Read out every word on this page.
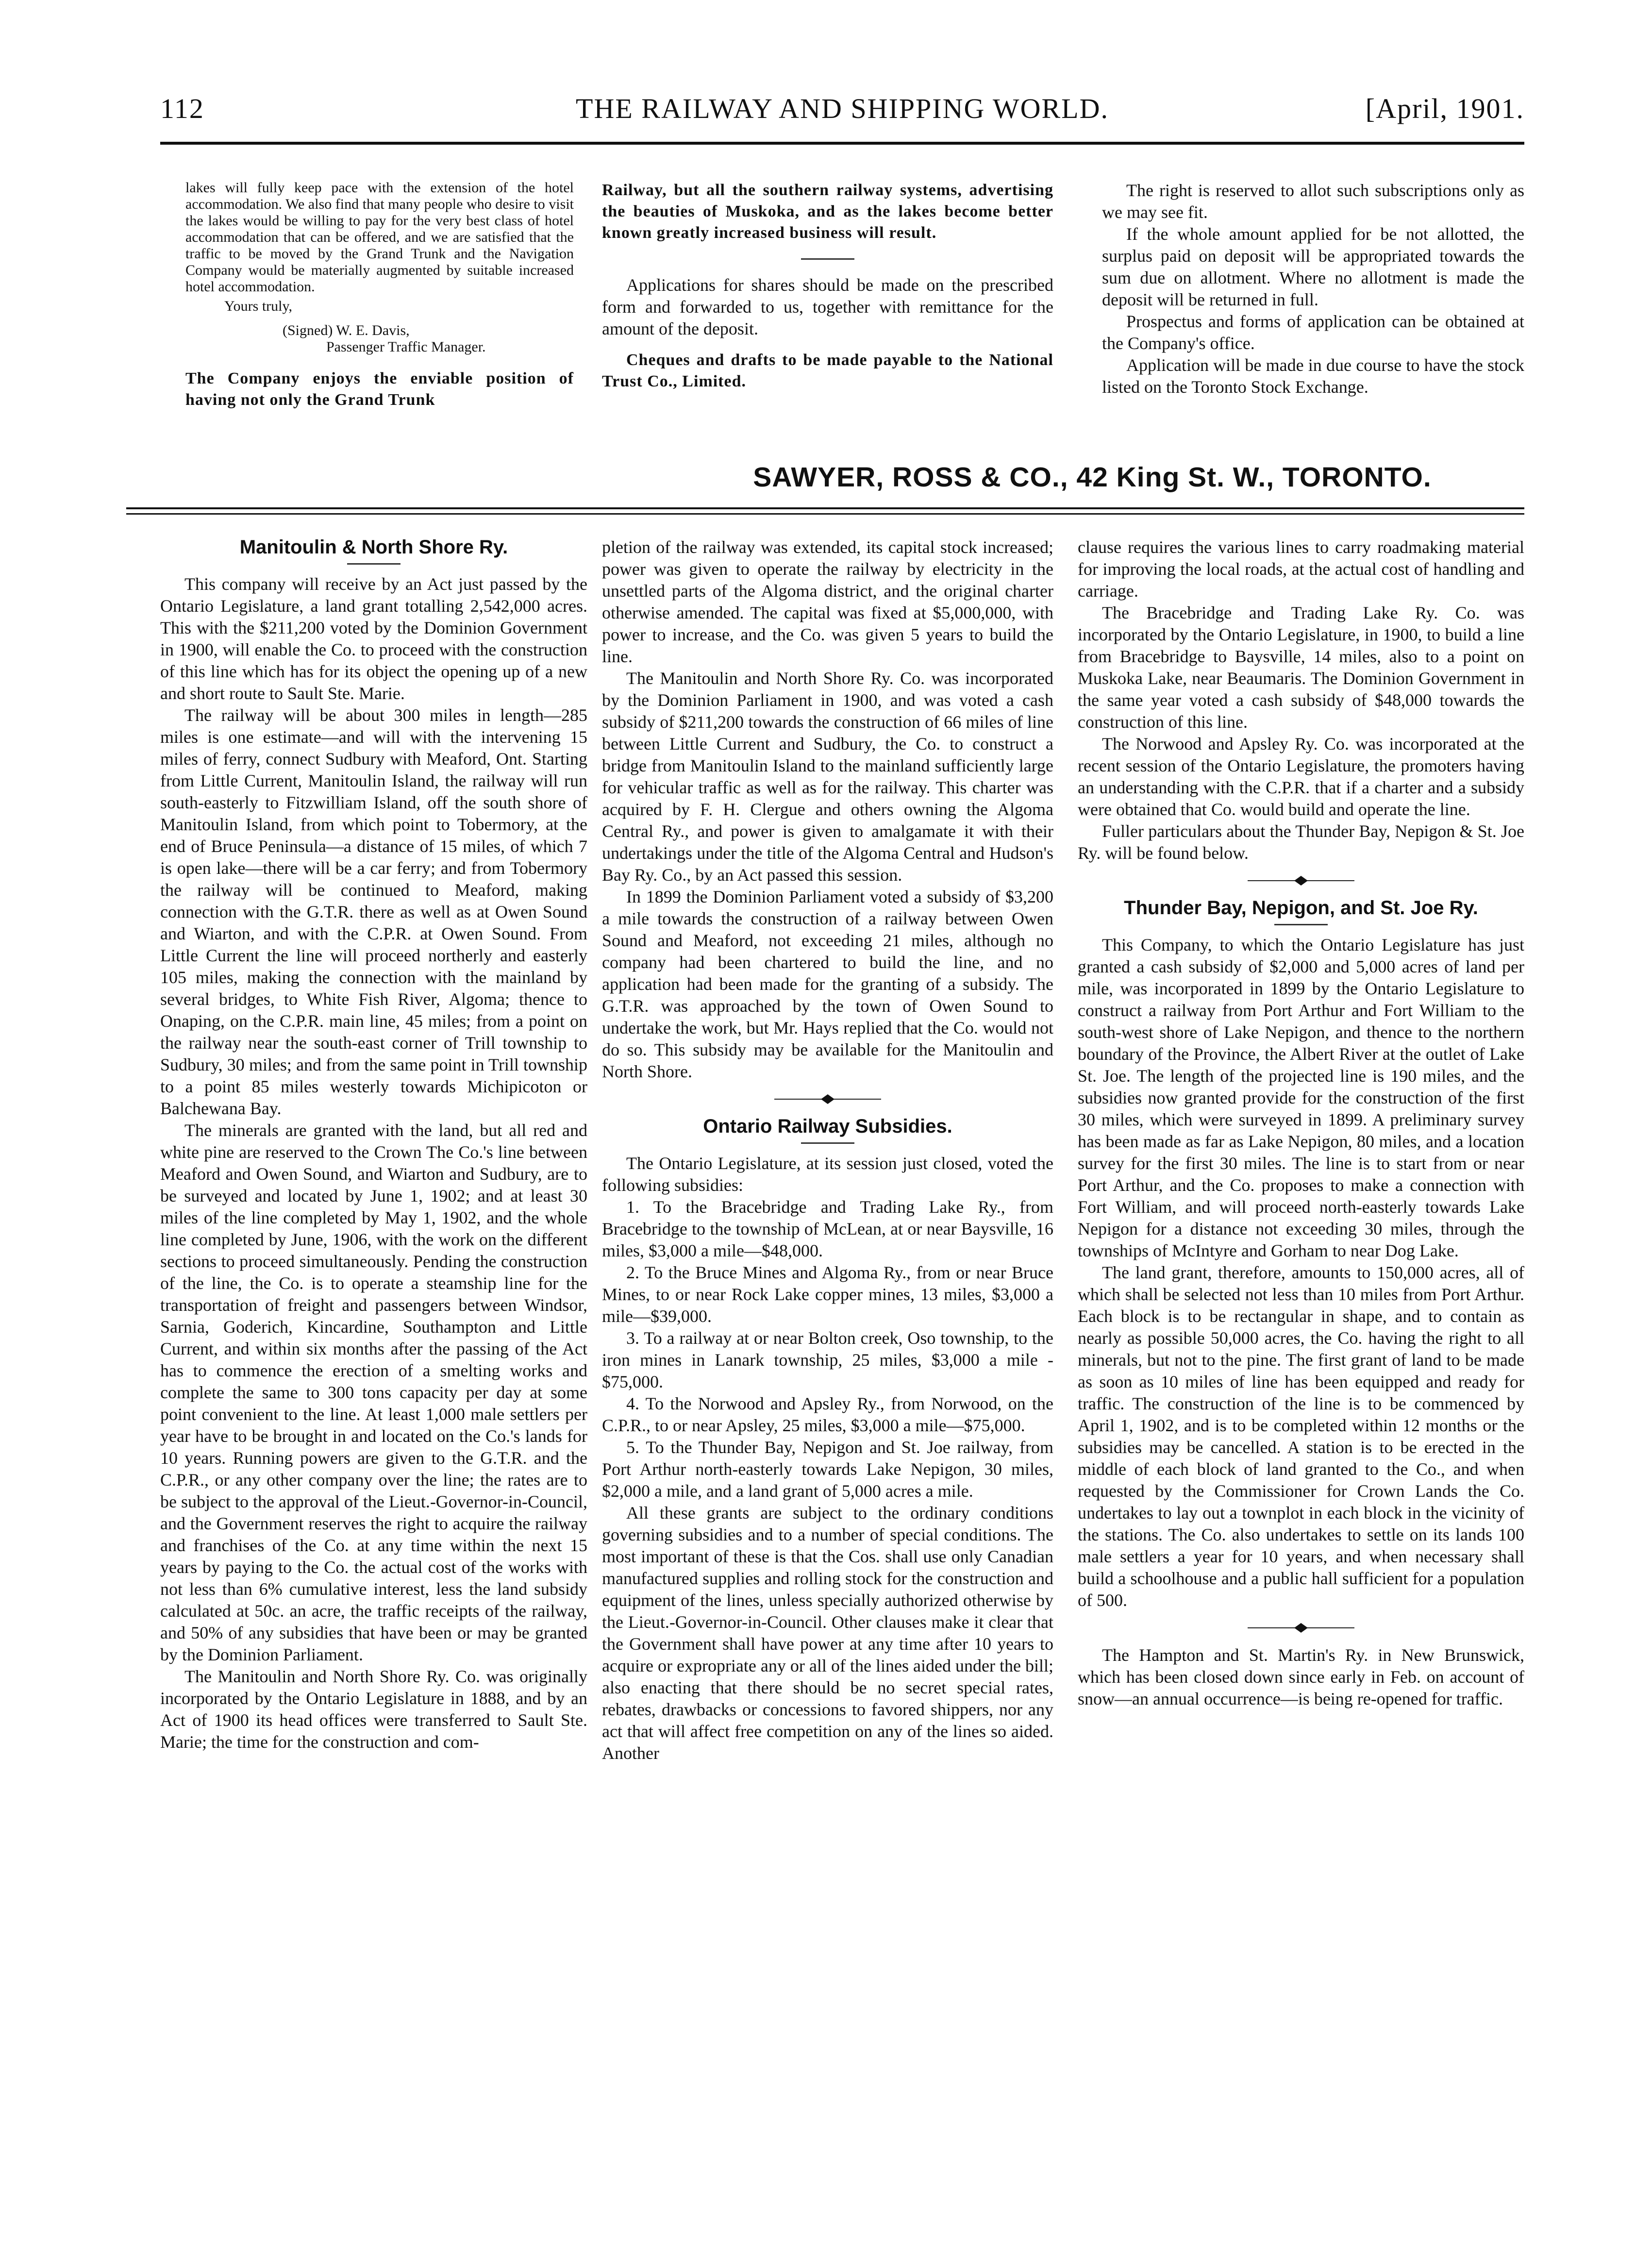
112	THE RAILWAY AND SHIPPING WORLD.	[April, 1901.

lakes will fully keep pace with the extension of the hotel accommodation. We also find that many people who desire to visit the lakes would be willing to pay for the very best class of hotel accommodation that can be offered, and we are satisfied that the traffic to be moved by the Grand Trunk and the Navigation Company would be materially augmented by suitable increased hotel accommodation.

Yours truly,

(Signed) W. E. Davis,

Passenger Traffic Manager.

The Company enjoys the enviable position of having not only the Grand Trunk

Railway, but all the southern railway systems, advertising the beauties of Muskoka, and as the lakes become better known greatly increased business will result.

Applications for shares should be made on the prescribed form and forwarded to us, together with remittance for the amount of the deposit.

Cheques and drafts to be made payable to the National Trust Co., Limited.

The right is reserved to allot such subscriptions only as we may see fit.

If the whole amount applied for be not allotted, the surplus paid on deposit will be appropriated towards the sum due on allotment. Where no allotment is made the deposit will be returned in full.

Prospectus and forms of application can be obtained at the Company's office.

Application will be made in due course to have the stock listed on the Toronto Stock Exchange.

SAWYER, ROSS & CO., 42 King St. W., TORONTO.
Manitoulin & North Shore Ry.

This company will receive by an Act just passed by the Ontario Legislature, a land grant totalling 2,542,000 acres. This with the $211,200 voted by the Dominion Government in 1900, will enable the Co. to proceed with the construction of this line which has for its object the opening up of a new and short route to Sault Ste. Marie.

The railway will be about 300 miles in length—285 miles is one estimate—and will with the intervening 15 miles of ferry, connect Sudbury with Meaford, Ont. Starting from Little Current, Manitoulin Island, the railway will run south-easterly to Fitzwilliam Island, off the south shore of Manitoulin Island, from which point to Tobermory, at the end of Bruce Peninsula—a distance of 15 miles, of which 7 is open lake—there will be a car ferry; and from Tobermory the railway will be continued to Meaford, making connection with the G.T.R. there as well as at Owen Sound and Wiarton, and with the C.P.R. at Owen Sound. From Little Current the line will proceed northerly and easterly 105 miles, making the connection with the mainland by several bridges, to White Fish River, Algoma; thence to Onaping, on the C.P.R. main line, 45 miles; from a point on the railway near the south-east corner of Trill township to Sudbury, 30 miles; and from the same point in Trill township to a point 85 miles westerly towards Michipicoton or Balchewana Bay.

The minerals are granted with the land, but all red and white pine are reserved to the Crown The Co.'s line between Meaford and Owen Sound, and Wiarton and Sudbury, are to be surveyed and located by June 1, 1902; and at least 30 miles of the line completed by May 1, 1902, and the whole line completed by June, 1906, with the work on the different sections to proceed simultaneously. Pending the construction of the line, the Co. is to operate a steamship line for the transportation of freight and passengers between Windsor, Sarnia, Goderich, Kincardine, Southampton and Little Current, and within six months after the passing of the Act has to commence the erection of a smelting works and complete the same to 300 tons capacity per day at some point convenient to the line. At least 1,000 male settlers per year have to be brought in and located on the Co.'s lands for 10 years. Running powers are given to the G.T.R. and the C.P.R., or any other company over the line; the rates are to be subject to the approval of the Lieut.-Governor-in-Council, and the Government reserves the right to acquire the railway and franchises of the Co. at any time within the next 15 years by paying to the Co. the actual cost of the works with not less than 6% cumulative interest, less the land subsidy calculated at 50c. an acre, the traffic receipts of the railway, and 50% of any subsidies that have been or may be granted by the Dominion Parliament.

The Manitoulin and North Shore Ry. Co. was originally incorporated by the Ontario Legislature in 1888, and by an Act of 1900 its head offices were transferred to Sault Ste. Marie; the time for the construction and com-

pletion of the railway was extended, its capital stock increased; power was given to operate the railway by electricity in the unsettled parts of the Algoma district, and the original charter otherwise amended. The capital was fixed at $5,000,000, with power to increase, and the Co. was given 5 years to build the line.

The Manitoulin and North Shore Ry. Co. was incorporated by the Dominion Parliament in 1900, and was voted a cash subsidy of $211,200 towards the construction of 66 miles of line between Little Current and Sudbury, the Co. to construct a bridge from Manitoulin Island to the mainland sufficiently large for vehicular traffic as well as for the railway. This charter was acquired by F. H. Clergue and others owning the Algoma Central Ry., and power is given to amalgamate it with their undertakings under the title of the Algoma Central and Hudson's Bay Ry. Co., by an Act passed this session.

In 1899 the Dominion Parliament voted a subsidy of $3,200 a mile towards the construction of a railway between Owen Sound and Meaford, not exceeding 21 miles, although no company had been chartered to build the line, and no application had been made for the granting of a subsidy. The G.T.R. was approached by the town of Owen Sound to undertake the work, but Mr. Hays replied that the Co. would not do so. This subsidy may be available for the Manitoulin and North Shore.

Ontario Railway Subsidies.

The Ontario Legislature, at its session just closed, voted the following subsidies:

1. To the Bracebridge and Trading Lake Ry., from Bracebridge to the township of McLean, at or near Baysville, 16 miles, $3,000 a mile—$48,000.

2. To the Bruce Mines and Algoma Ry., from or near Bruce Mines, to or near Rock Lake copper mines, 13 miles, $3,000 a mile—$39,000.

3. To a railway at or near Bolton creek, Oso township, to the iron mines in Lanark township, 25 miles, $3,000 a mile - $75,000.

4. To the Norwood and Apsley Ry., from Norwood, on the C.P.R., to or near Apsley, 25 miles, $3,000 a mile—$75,000.

5. To the Thunder Bay, Nepigon and St. Joe railway, from Port Arthur north-easterly towards Lake Nepigon, 30 miles, $2,000 a mile, and a land grant of 5,000 acres a mile.

All these grants are subject to the ordinary conditions governing subsidies and to a number of special conditions. The most important of these is that the Cos. shall use only Canadian manufactured supplies and rolling stock for the construction and equipment of the lines, unless specially authorized otherwise by the Lieut.-Governor-in-Council. Other clauses make it clear that the Government shall have power at any time after 10 years to acquire or expropriate any or all of the lines aided under the bill; also enacting that there should be no secret special rates, rebates, drawbacks or concessions to favored shippers, nor any act that will affect free competition on any of the lines so aided. Another

clause requires the various lines to carry roadmaking material for improving the local roads, at the actual cost of handling and carriage.

The Bracebridge and Trading Lake Ry. Co. was incorporated by the Ontario Legislature, in 1900, to build a line from Bracebridge to Baysville, 14 miles, also to a point on Muskoka Lake, near Beaumaris. The Dominion Government in the same year voted a cash subsidy of $48,000 towards the construction of this line.

The Norwood and Apsley Ry. Co. was incorporated at the recent session of the Ontario Legislature, the promoters having an understanding with the C.P.R. that if a charter and a subsidy were obtained that Co. would build and operate the line.

Fuller particulars about the Thunder Bay, Nepigon & St. Joe Ry. will be found below.

Thunder Bay, Nepigon, and St. Joe Ry.

This Company, to which the Ontario Legislature has just granted a cash subsidy of $2,000 and 5,000 acres of land per mile, was incorporated in 1899 by the Ontario Legislature to construct a railway from Port Arthur and Fort William to the south-west shore of Lake Nepigon, and thence to the northern boundary of the Province, the Albert River at the outlet of Lake St. Joe. The length of the projected line is 190 miles, and the subsidies now granted provide for the construction of the first 30 miles, which were surveyed in 1899. A preliminary survey has been made as far as Lake Nepigon, 80 miles, and a location survey for the first 30 miles. The line is to start from or near Port Arthur, and the Co. proposes to make a connection with Fort William, and will proceed north-easterly towards Lake Nepigon for a distance not exceeding 30 miles, through the townships of McIntyre and Gorham to near Dog Lake.

The land grant, therefore, amounts to 150,000 acres, all of which shall be selected not less than 10 miles from Port Arthur. Each block is to be rectangular in shape, and to contain as nearly as possible 50,000 acres, the Co. having the right to all minerals, but not to the pine. The first grant of land to be made as soon as 10 miles of line has been equipped and ready for traffic. The construction of the line is to be commenced by April 1, 1902, and is to be completed within 12 months or the subsidies may be cancelled. A station is to be erected in the middle of each block of land granted to the Co., and when requested by the Commissioner for Crown Lands the Co. undertakes to lay out a townplot in each block in the vicinity of the stations. The Co. also undertakes to settle on its lands 100 male settlers a year for 10 years, and when necessary shall build a schoolhouse and a public hall sufficient for a population of 500.

The Hampton and St. Martin's Ry. in New Brunswick, which has been closed down since early in Feb. on account of snow—an annual occurrence—is being re-opened for traffic.
